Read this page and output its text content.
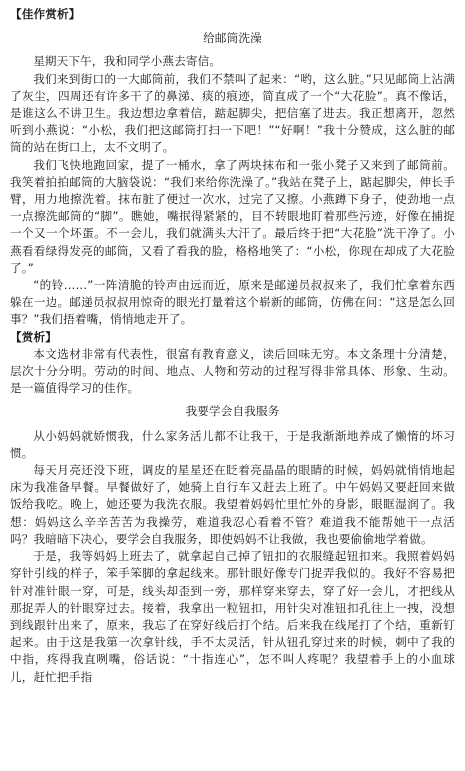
【佳作赏析】
给邮筒洗澡

星期天下午，我和同学小燕去寄信。

我们来到街口的一大邮筒前，我们不禁叫了起来：“哟，这么脏。”只见邮筒上沾满了灰尘，四周还有许多干了的鼻涕、痰的痕迹，简直成了一个“大花脸”。真不像话，是谁这么不讲卫生。我边想边拿着信，踮起脚尖，把信塞了进去。我正想离开，忽然听到小燕说：“小松，我们把这邮筒打扫一下吧！”“好啊！”我十分赞成，这么脏的邮筒的站在街口上，太不文明了。

我们飞快地跑回家，提了一桶水，拿了两块抹布和一张小凳子又来到了邮筒前。我笑着拍拍邮筒的大脑袋说：“我们来给你洗澡了。”我站在凳子上，踮起脚尖，伸长手臂，用力地擦洗着。抹布脏了便过一次水，过完了又擦。小燕蹲下身子，使劲地一点一点擦洗邮筒的“脚”。瞧她，嘴抿得紧紧的，目不转眼地盯着那些污迹，好像在捕捉一个又一个坏蛋。不一会儿，我们就满头大汗了。最后终于把“大花脸”洗干净了。小燕看看绿得发亮的邮筒，又看了看我的脸，格格地笑了：“小松，你现在却成了大花脸了。”

“的铃……”一阵清脆的铃声由远而近，原来是邮递员叔叔来了，我们忙拿着东西躲在一边。邮递员叔叔用惊奇的眼光打量着这个崭新的邮筒，仿佛在问：“这是怎么回事？”我们捂着嘴，悄悄地走开了。

【赏析】

本文选材非常有代表性，很富有教育意义，读后回味无穷。本文条理十分清楚，层次十分分明。劳动的时间、地点、人物和劳动的过程写得非常具体、形象、生动。是一篇值得学习的佳作。

我要学会自我服务

从小妈妈就娇惯我，什么家务活儿都不让我干，于是我渐渐地养成了懒惰的坏习惯。

每天月亮还没下班，调皮的星星还在眨着亮晶晶的眼睛的时候，妈妈就悄悄地起床为我准备早餐。早餐做好了，她骑上自行车又赶去上班了。中午妈妈又要赶回来做饭给我吃。晚上，她还要为我洗衣服。我望着妈妈忙里忙外的身影，眼眶湿润了。我想：妈妈这么辛辛苦苦为我操劳，难道我忍心看着不管？难道我不能帮她干一点活吗？我暗暗下决心，要学会自我服务，即使妈妈不让我做，我也要偷偷地学着做。

于是，我等妈妈上班去了，就拿起自己掉了钮扣的衣服缝起钮扣来。我照着妈妈穿针引线的样子，笨手笨脚的拿起线来。那针眼好像专门捉弄我似的。我好不容易把针对准针眼一穿，可是，线头却歪到一旁，那样穿来穿去，穿了好一会儿，才把线从那捉弄人的针眼穿过去。接着，我拿出一粒钮扣，用针尖对准钮扣孔往上一拽，没想到线跟针出来了，原来，我忘了在穿好线后打个结。后来我在线尾打了个结，重新钉起来。由于这是我第一次拿针线，手不太灵活，针从钮孔穿过来的时候，刺中了我的中指，疼得我直咧嘴，俗话说：“十指连心”，怎不叫人疼呢？我望着手上的小血球儿，赶忙把手指
